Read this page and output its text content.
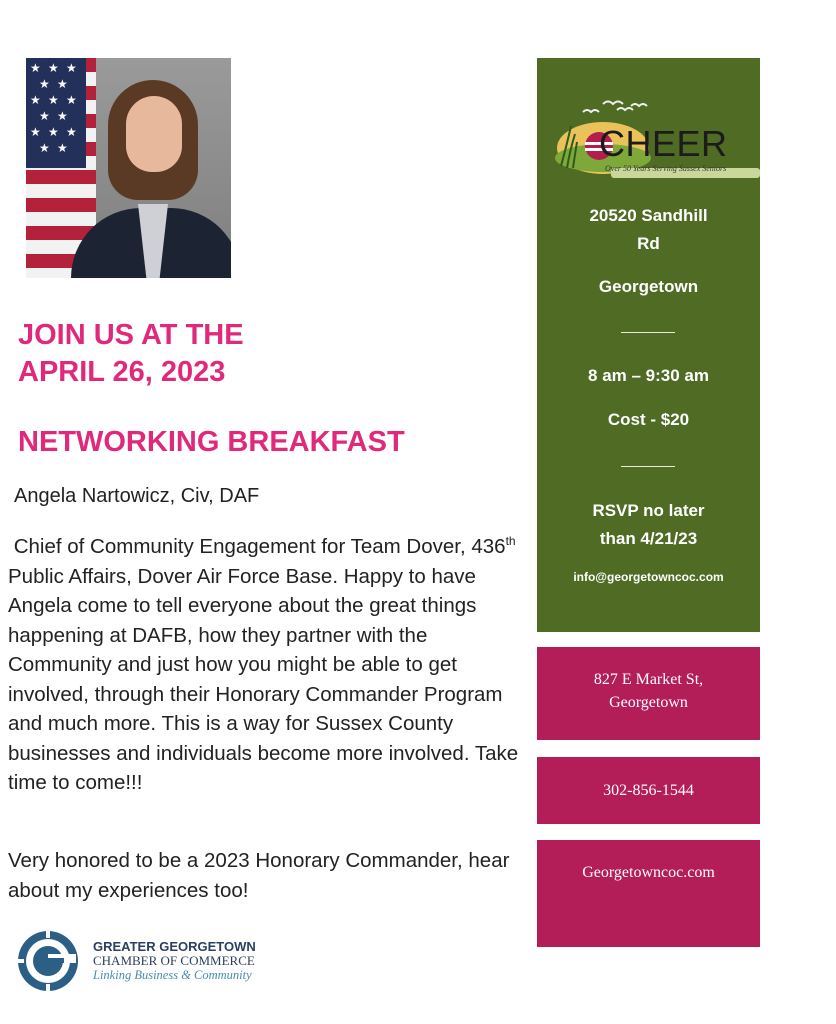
★ ★ ★
★ ★
★ ★ ★
★ ★
★ ★ ★
★ ★
JOIN US AT THE
APRIL 26, 2023
NETWORKING BREAKFAST
Angela Nartowicz, Civ, DAF

Chief of Community Engagement for Team Dover, 436th Public Affairs, Dover Air Force Base. Happy to have Angela come to tell everyone about the great things happening at DAFB, how they partner with the Community and just how you might be able to get involved, through their Honorary Commander Program and much more. This is a way for Sussex County businesses and individuals become more involved. Take time to come!!!

Very honored to be a 2023 Honorary Commander, hear about my experiences too!

GREATER GEORGETOWN
CHAMBER OF COMMERCE
Linking Business & Community
CHEER
Over 50 Years Serving Sussex Seniors
20520 Sandhill
Rd
Georgetown
8 am – 9:30 am
Cost - $20
RSVP no later
than 4/21/23
info@georgetowncoc.com
827 E Market St,
Georgetown
302-856-1544
Georgetowncoc.com
